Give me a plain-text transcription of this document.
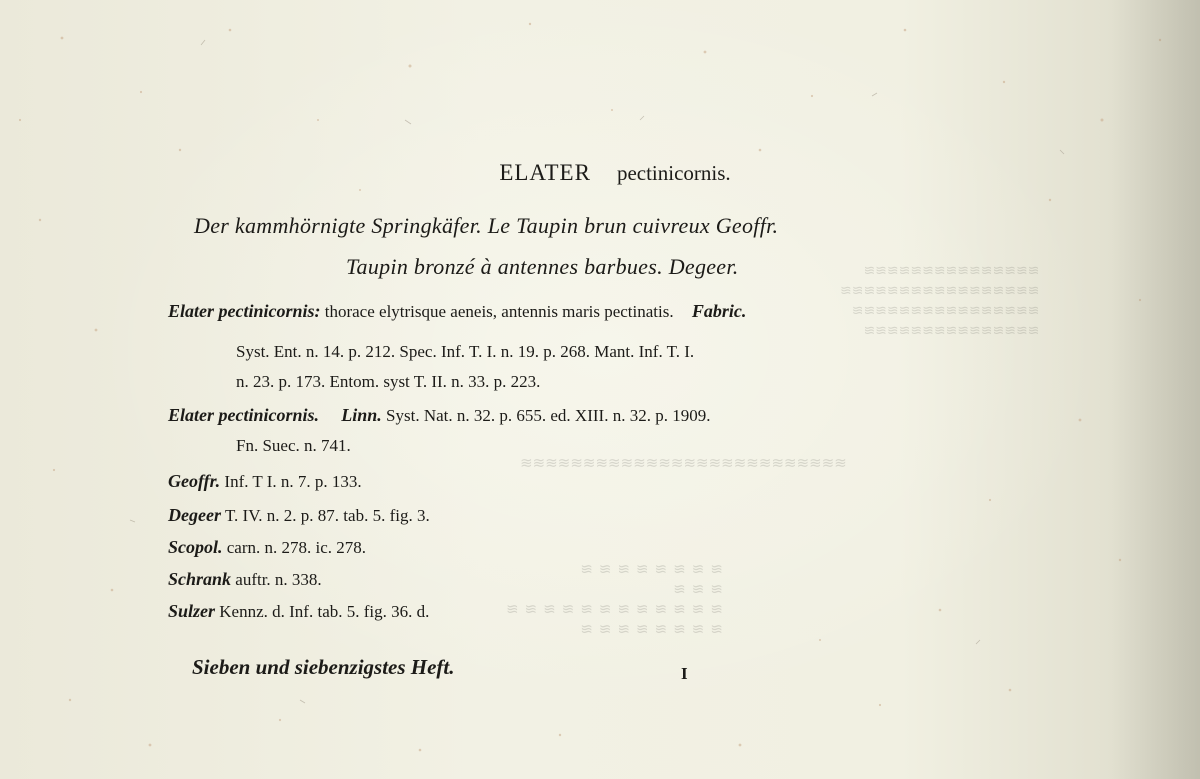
≋≋≋≋≋≋≋≋≋≋≋≋≋≋≋
≋≋≋≋≋≋≋≋≋≋≋≋≋≋≋≋≋
≋≋≋≋≋≋≋≋≋≋≋≋≋≋≋≋
≋≋≋≋≋≋≋≋≋≋≋≋≋≋≋
≋≋≋≋≋≋≋≋≋≋≋≋≋≋≋≋≋≋≋≋≋≋≋≋≋≋
≋≋≋≋≋≋≋≋
≋≋≋
≋≋≋≋≋≋≋≋≋≋≋≋
≋≋≋≋≋≋≋≋
ELATER pectinicornis.
Der kammhörnigte Springkäfer. Le Taupin brun cuivreux Geoffr.
Taupin bronzé à antennes barbues. Degeer.
Elater pectinicornis: thorace elytrisque aeneis, antennis maris pectinatis. Fabric.
Syst. Ent. n. 14. p. 212. Spec. Inf. T. I. n. 19. p. 268. Mant. Inf. T. I.
n. 23. p. 173. Entom. syst T. II. n. 33. p. 223.
Elater pectinicornis. Linn. Syst. Nat. n. 32. p. 655. ed. XIII. n. 32. p. 1909.
Fn. Suec. n. 741.
Geoffr. Inf. T I. n. 7. p. 133.
Degeer T. IV. n. 2. p. 87. tab. 5. fig. 3.
Scopol. carn. n. 278. ic. 278.
Schrank auftr. n. 338.
Sulzer Kennz. d. Inf. tab. 5. fig. 36. d.
Sieben und siebenzigstes Heft.	I
